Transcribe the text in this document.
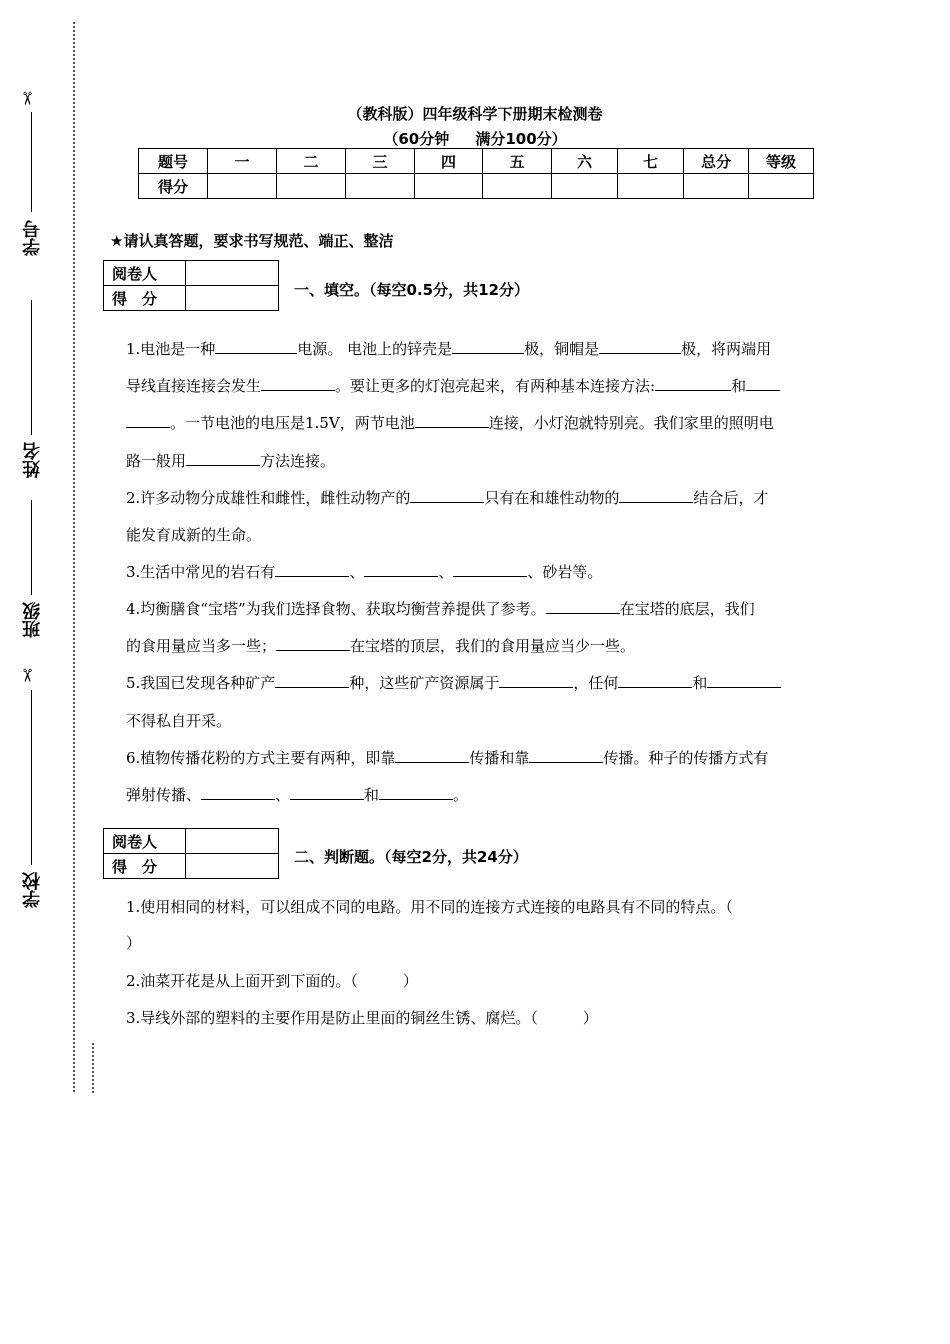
✂
学号
姓名
班级
✂
学校
（教科版）四年级科学下册期末检测卷
（60分钟     满分100分）
题号	一	二	三	四	五	六	七	总分	等级
得分									
★请认真答题，要求书写规范、端正、整洁
阅卷人	
得　分		一、填空。（每空0.5分，共12分）
1.电池是一种	电源。 电池上的锌壳是	极，铜帽是	极，将两端用
导线直接连接会发生	。要让更多的灯泡亮起来，有两种基本连接方法:	和
。一节电池的电压是1.5V，两节电池	连接，小灯泡就特别亮。我们家里的照明电
路一般用	方法连接。
2.许多动物分成雄性和雌性，雌性动物产的	只有在和雄性动物的	结合后，才
能发育成新的生命。
3.生活中常见的岩石有	、	、	、砂岩等。
4.均衡膳食“宝塔”为我们选择食物、获取均衡营养提供了参考。	在宝塔的底层，我们
的食用量应当多一些；	在宝塔的顶层，我们的食用量应当少一些。
5.我国已发现各种矿产	种，这些矿产资源属于	，任何	和
不得私自开采。
6.植物传播花粉的方式主要有两种，即靠	传播和靠	传播。种子的传播方式有
弹射传播、	、	和	。
阅卷人	
得　分	
二、判断题。（每空2分，共24分）
1.使用相同的材料，可以组成不同的电路。用不同的连接方式连接的电路具有不同的特点。（
）
2.油菜开花是从上面开到下面的。（　　　）
3.导线外部的塑料的主要作用是防止里面的铜丝生锈、腐烂。（　　　）
